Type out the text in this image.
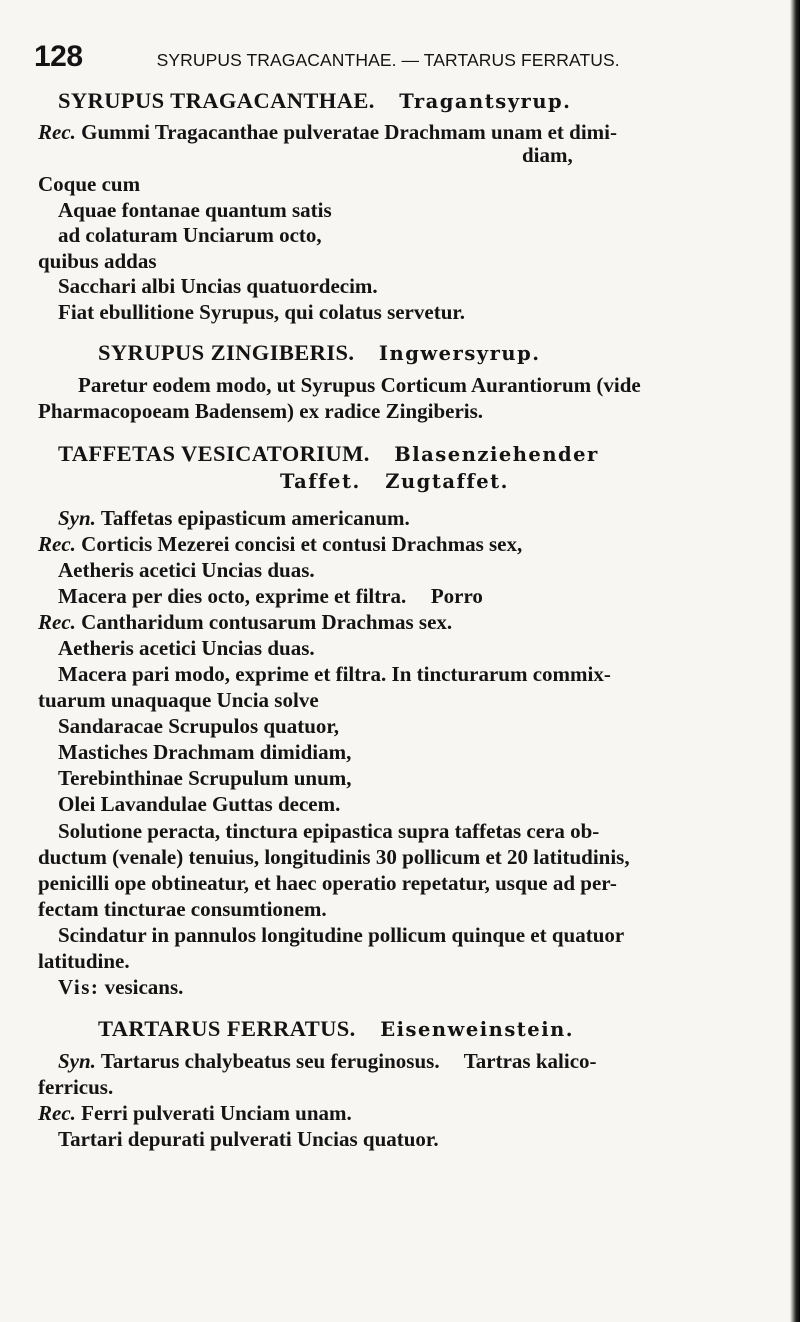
128	SYRUPUS TRAGACANTHAE. — TARTARUS FERRATUS.
SYRUPUS TRAGACANTHAE. Tragantsyrup.
Rec. Gummi Tragacanthae pulveratae Drachmam unam et dimi-
diam,
Coque cum
Aquae fontanae quantum satis
ad colaturam Unciarum octo,
quibus addas
Sacchari albi Uncias quatuordecim.
Fiat ebullitione Syrupus, qui colatus servetur.
SYRUPUS ZINGIBERIS. Ingwersyrup.
Paretur eodem modo, ut Syrupus Corticum Aurantiorum (vide
Pharmacopoeam Badensem) ex radice Zingiberis.
TAFFETAS VESICATORIUM. Blasenziehender
Taffet. Zugtaffet.
Syn. Taffetas epipasticum americanum.
Rec. Corticis Mezerei concisi et contusi Drachmas sex,
Aetheris acetici Uncias duas.
Macera per dies octo, exprime et filtra. Porro
Rec. Cantharidum contusarum Drachmas sex.
Aetheris acetici Uncias duas.
Macera pari modo, exprime et filtra. In tincturarum commix-
tuarum unaquaque Uncia solve
Sandaracae Scrupulos quatuor,
Mastiches Drachmam dimidiam,
Terebinthinae Scrupulum unum,
Olei Lavandulae Guttas decem.
Solutione peracta, tinctura epipastica supra taffetas cera ob-
ductum (venale) tenuius, longitudinis 30 pollicum et 20 latitudinis,
penicilli ope obtineatur, et haec operatio repetatur, usque ad per-
fectam tincturae consumtionem.
Scindatur in pannulos longitudine pollicum quinque et quatuor
latitudine.
Vis: vesicans.
TARTARUS FERRATUS. Eisenweinstein.
Syn. Tartarus chalybeatus seu feruginosus. Tartras kalico-
ferricus.
Rec. Ferri pulverati Unciam unam.
Tartari depurati pulverati Uncias quatuor.
